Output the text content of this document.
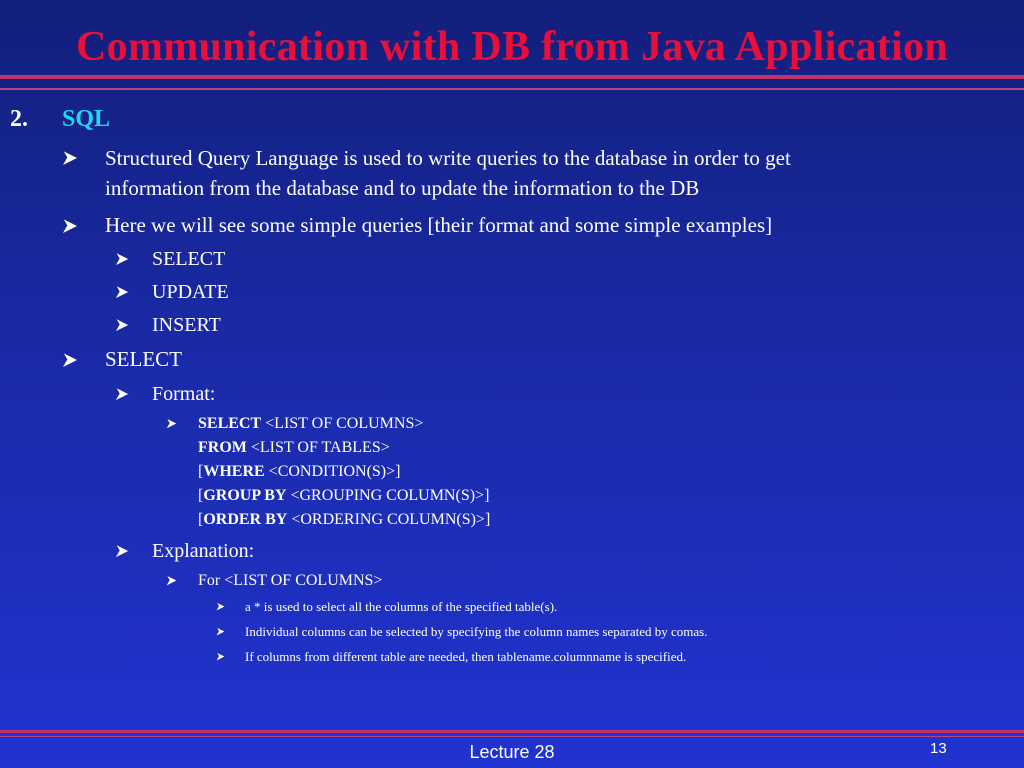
Communication with DB from Java Application
2. SQL
Structured Query Language is used to write queries to the database in order to get
information from the database and to update the information to the DB
Here we will see some simple queries [their format and some simple examples]
SELECT
UPDATE
INSERT
SELECT
Format:
SELECT <LIST OF COLUMNS>
FROM <LIST OF TABLES>
[WHERE <CONDITION(S)>]
[GROUP BY <GROUPING COLUMN(S)>]
[ORDER BY <ORDERING COLUMN(S)>]
Explanation:
For <LIST OF COLUMNS>
a * is used to select all the columns of the specified table(s).
Individual columns can be selected by specifying the column names separated by comas.
If columns from different table are needed, then tablename.columnname is specified.
Lecture 28	13
